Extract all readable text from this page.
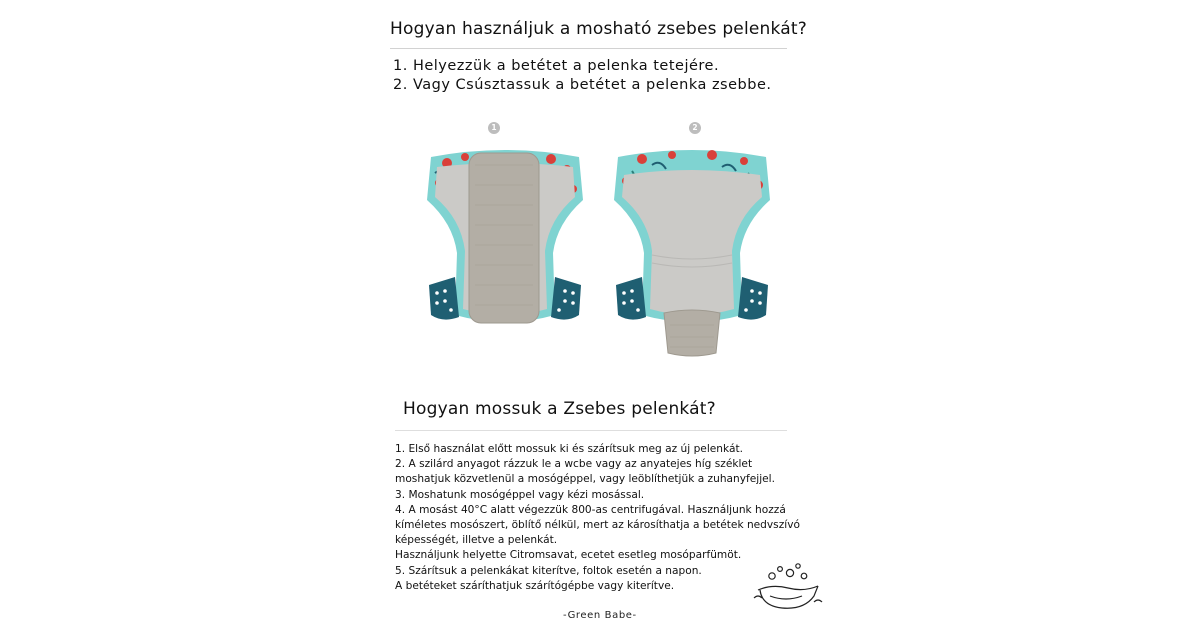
Hogyan használjuk a mosható zsebes pelenkát?
1. Helyezzük a betétet a pelenka tetejére.
2. Vagy Csúsztassuk a betétet a pelenka zsebbe.
1	2
Hogyan mossuk a Zsebes pelenkát?
1. Első használat előtt mossuk ki és szárítsuk meg az új pelenkát.
2. A szilárd anyagot rázzuk le a wcbe vagy az anyatejes híg széklet
moshatjuk közvetlenül a mosógéppel, vagy leöblíthetjük a zuhanyfejjel.
3. Moshatunk mosógéppel vagy kézi mosással.
4. A mosást 40°C alatt végezzük 800-as centrifugával. Használjunk hozzá
kíméletes mosószert, öblítő nélkül, mert az károsíthatja a betétek nedvszívó
képességét, illetve a pelenkát.
Használjunk helyette Citromsavat, ecetet esetleg mosóparfümöt.
5. Szárítsuk a pelenkákat kiterítve, foltok esetén a napon.
A betéteket száríthatjuk szárítógépbe vagy kiterítve.
-Green Babe-
